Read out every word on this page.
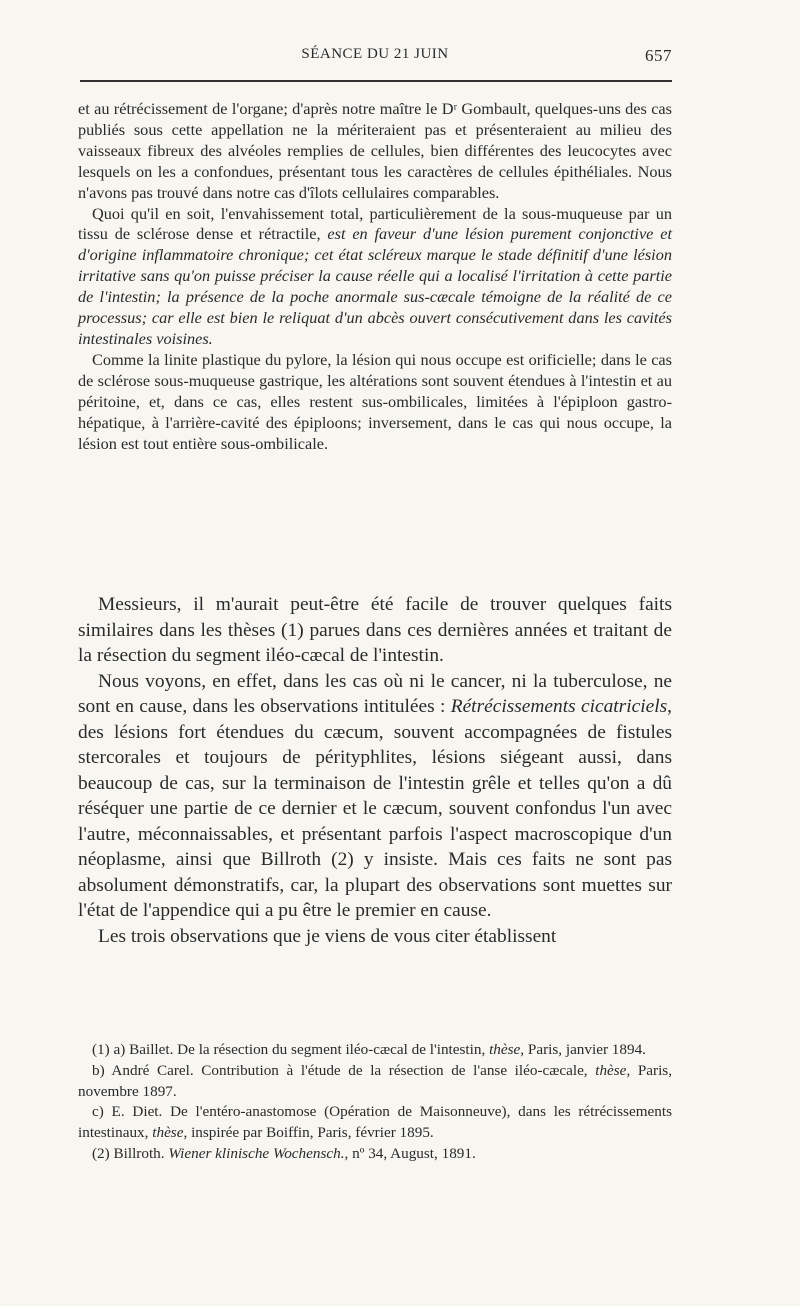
SÉANCE DU 21 JUIN	657

et au rétrécissement de l'organe; d'après notre maître le Dʳ Gombault, quelques-uns des cas publiés sous cette appellation ne la mériteraient pas et présenteraient au milieu des vaisseaux fibreux des alvéoles remplies de cellules, bien différentes des leucocytes avec lesquels on les a confondues, présentant tous les caractères de cellules épithéliales. Nous n'avons pas trouvé dans notre cas d'îlots cellulaires comparables.

Quoi qu'il en soit, l'envahissement total, particulièrement de la sous-muqueuse par un tissu de sclérose dense et rétractile, est en faveur d'une lésion purement conjonctive et d'origine inflammatoire chronique; cet état scléreux marque le stade définitif d'une lésion irritative sans qu'on puisse préciser la cause réelle qui a localisé l'irritation à cette partie de l'intestin; la présence de la poche anormale sus-cæcale témoigne de la réalité de ce processus; car elle est bien le reliquat d'un abcès ouvert consécutivement dans les cavités intestinales voisines.

Comme la linite plastique du pylore, la lésion qui nous occupe est orificielle; dans le cas de sclérose sous-muqueuse gastrique, les altérations sont souvent étendues à l'intestin et au péritoine, et, dans ce cas, elles restent sus-ombilicales, limitées à l'épiploon gastro-hépatique, à l'arrière-cavité des épiploons; inversement, dans le cas qui nous occupe, la lésion est tout entière sous-ombilicale.

Messieurs, il m'aurait peut-être été facile de trouver quelques faits similaires dans les thèses (1) parues dans ces dernières années et traitant de la résection du segment iléo-cæcal de l'intestin.

Nous voyons, en effet, dans les cas où ni le cancer, ni la tuberculose, ne sont en cause, dans les observations intitulées : Rétrécissements cicatriciels, des lésions fort étendues du cæcum, souvent accompagnées de fistules stercorales et toujours de pérityphlites, lésions siégeant aussi, dans beaucoup de cas, sur la terminaison de l'intestin grêle et telles qu'on a dû réséquer une partie de ce dernier et le cæcum, souvent confondus l'un avec l'autre, méconnaissables, et présentant parfois l'aspect macroscopique d'un néoplasme, ainsi que Billroth (2) y insiste. Mais ces faits ne sont pas absolument démonstratifs, car, la plupart des observations sont muettes sur l'état de l'appendice qui a pu être le premier en cause.

Les trois observations que je viens de vous citer établissent

(1) a) Baillet. De la résection du segment iléo-cæcal de l'intestin, thèse, Paris, janvier 1894.

b) André Carel. Contribution à l'étude de la résection de l'anse iléo-cæcale, thèse, Paris, novembre 1897.

c) E. Diet. De l'entéro-anastomose (Opération de Maisonneuve), dans les rétrécissements intestinaux, thèse, inspirée par Boiffin, Paris, février 1895.

(2) Billroth. Wiener klinische Wochensch., nº 34, August, 1891.
